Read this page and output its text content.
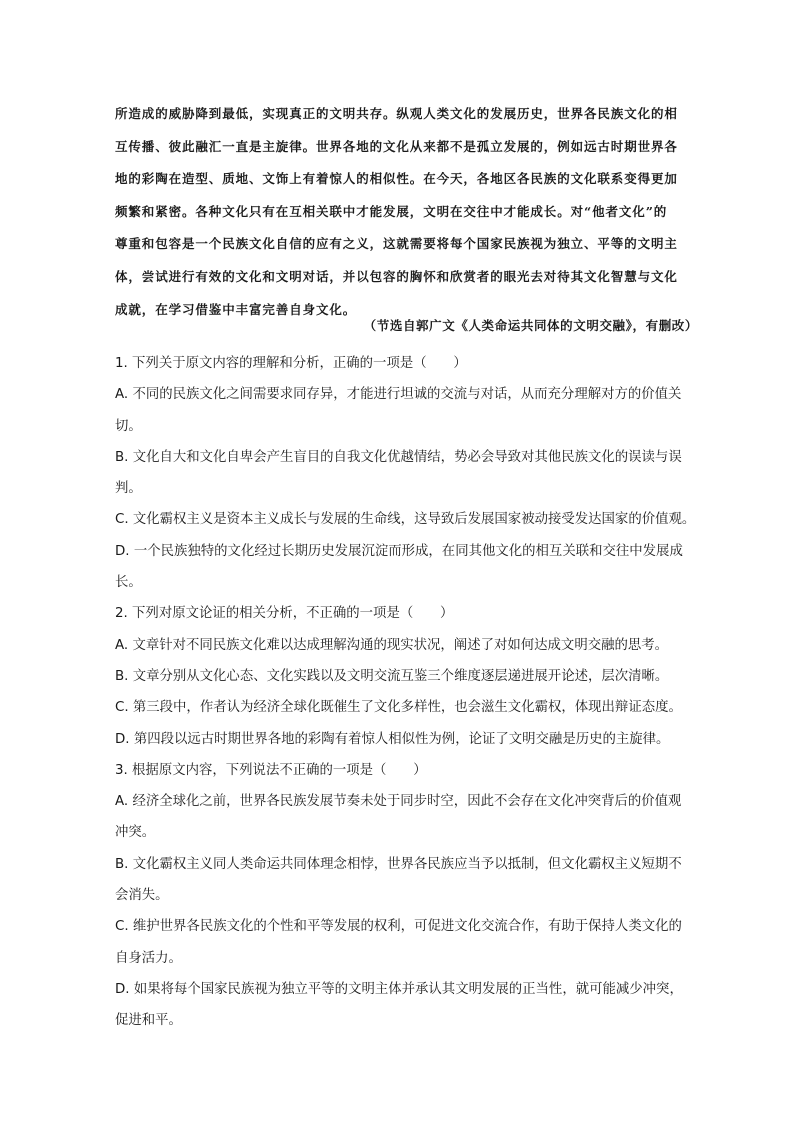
所造成的威胁降到最低，实现真正的文明共存。纵观人类文化的发展历史，世界各民族文化的相
互传播、彼此融汇一直是主旋律。世界各地的文化从来都不是孤立发展的，例如远古时期世界各
地的彩陶在造型、质地、文饰上有着惊人的相似性。在今天，各地区各民族的文化联系变得更加
频繁和紧密。各种文化只有在互相关联中才能发展，文明在交往中才能成长。对“他者文化”的
尊重和包容是一个民族文化自信的应有之义，这就需要将每个国家民族视为独立、平等的文明主
体，尝试进行有效的文化和文明对话，并以包容的胸怀和欣赏者的眼光去对待其文化智慧与文化
成就，在学习借鉴中丰富完善自身文化。
（节选自郭广文《人类命运共同体的文明交融》，有删改）
1. 下列关于原文内容的理解和分析，正确的一项是（　　）
A. 不同的民族文化之间需要求同存异，才能进行坦诚的交流与对话，从而充分理解对方的价值关
切。
B. 文化自大和文化自卑会产生盲目的自我文化优越情结，势必会导致对其他民族文化的误读与误
判。
C. 文化霸权主义是资本主义成长与发展的生命线，这导致后发展国家被动接受发达国家的价值观。
D. 一个民族独特的文化经过长期历史发展沉淀而形成，在同其他文化的相互关联和交往中发展成
长。
2. 下列对原文论证的相关分析，不正确的一项是（　　）
A. 文章针对不同民族文化难以达成理解沟通的现实状况，阐述了对如何达成文明交融的思考。
B. 文章分别从文化心态、文化实践以及文明交流互鉴三个维度逐层递进展开论述，层次清晰。
C. 第三段中，作者认为经济全球化既催生了文化多样性，也会滋生文化霸权，体现出辩证态度。
D. 第四段以远古时期世界各地的彩陶有着惊人相似性为例，论证了文明交融是历史的主旋律。
3. 根据原文内容，下列说法不正确的一项是（　　）
A. 经济全球化之前，世界各民族发展节奏未处于同步时空，因此不会存在文化冲突背后的价值观
冲突。
B. 文化霸权主义同人类命运共同体理念相悖，世界各民族应当予以抵制，但文化霸权主义短期不
会消失。
C. 维护世界各民族文化的个性和平等发展的权利，可促进文化交流合作，有助于保持人类文化的
自身活力。
D. 如果将每个国家民族视为独立平等的文明主体并承认其文明发展的正当性，就可能减少冲突，
促进和平。
